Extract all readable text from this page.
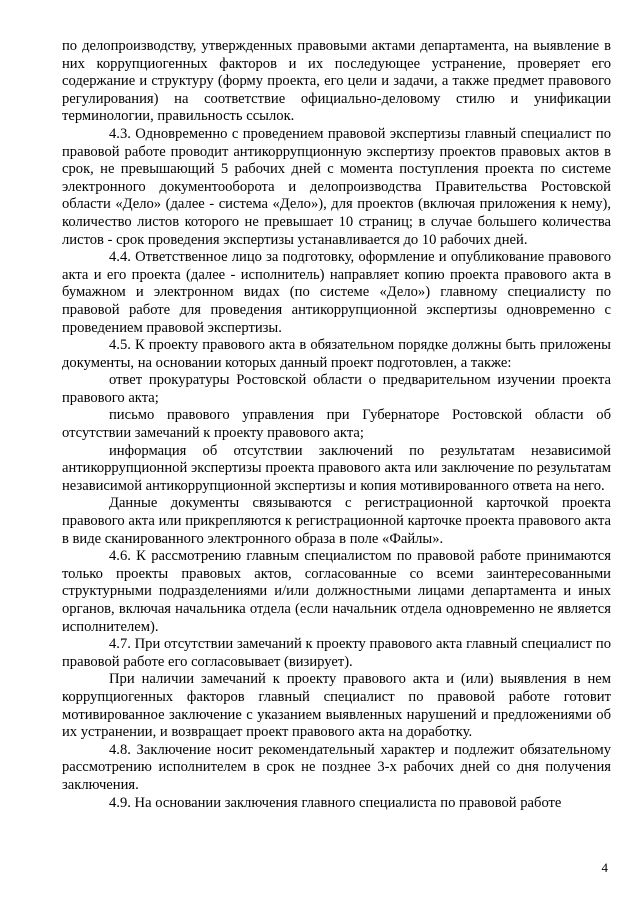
по делопроизводству, утвержденных правовыми актами департамента, на выявление в них коррупциогенных факторов и их последующее устранение, проверяет его содержание и структуру (форму проекта, его цели и задачи, а также предмет правового регулирования) на соответствие официально-деловому стилю и унификации терминологии, правильность ссылок.

4.3. Одновременно с проведением правовой экспертизы главный специалист по правовой работе проводит антикоррупционную экспертизу проектов правовых актов в срок, не превышающий 5 рабочих дней с момента поступления проекта по системе электронного документооборота и делопроизводства Правительства Ростовской области «Дело» (далее - система «Дело»), для проектов (включая приложения к нему), количество листов которого не превышает 10 страниц; в случае большего количества листов - срок проведения экспертизы устанавливается до 10 рабочих дней.

4.4. Ответственное лицо за подготовку, оформление и опубликование правового акта и его проекта (далее - исполнитель) направляет копию проекта правового акта в бумажном и электронном видах (по системе «Дело») главному специалисту по правовой работе для проведения антикоррупционной экспертизы одновременно с проведением правовой экспертизы.

4.5. К проекту правового акта в обязательном порядке должны быть приложены документы, на основании которых данный проект подготовлен, а также:

ответ прокуратуры Ростовской области о предварительном изучении проекта правового акта;

письмо правового управления при Губернаторе Ростовской области об отсутствии замечаний к проекту правового акта;

информация об отсутствии заключений по результатам независимой антикоррупционной экспертизы проекта правового акта или заключение по результатам независимой антикоррупционной экспертизы и копия мотивированного ответа на него.

Данные документы связываются с регистрационной карточкой проекта правового акта или прикрепляются к регистрационной карточке проекта правового акта в виде сканированного электронного образа в поле «Файлы».

4.6. К рассмотрению главным специалистом по правовой работе принимаются только проекты правовых актов, согласованные со всеми заинтересованными структурными подразделениями и/или должностными лицами департамента и иных органов, включая начальника отдела (если начальник отдела одновременно не является исполнителем).

4.7. При отсутствии замечаний к проекту правового акта главный специалист по правовой работе его согласовывает (визирует).

При наличии замечаний к проекту правового акта и (или) выявления в нем коррупциогенных факторов главный специалист по правовой работе готовит мотивированное заключение с указанием выявленных нарушений и предложениями об их устранении, и возвращает проект правового акта на доработку.

4.8. Заключение носит рекомендательный характер и подлежит обязательному рассмотрению исполнителем в срок не позднее 3-х рабочих дней со дня получения заключения.

4.9. На основании заключения главного специалиста по правовой работе

4
